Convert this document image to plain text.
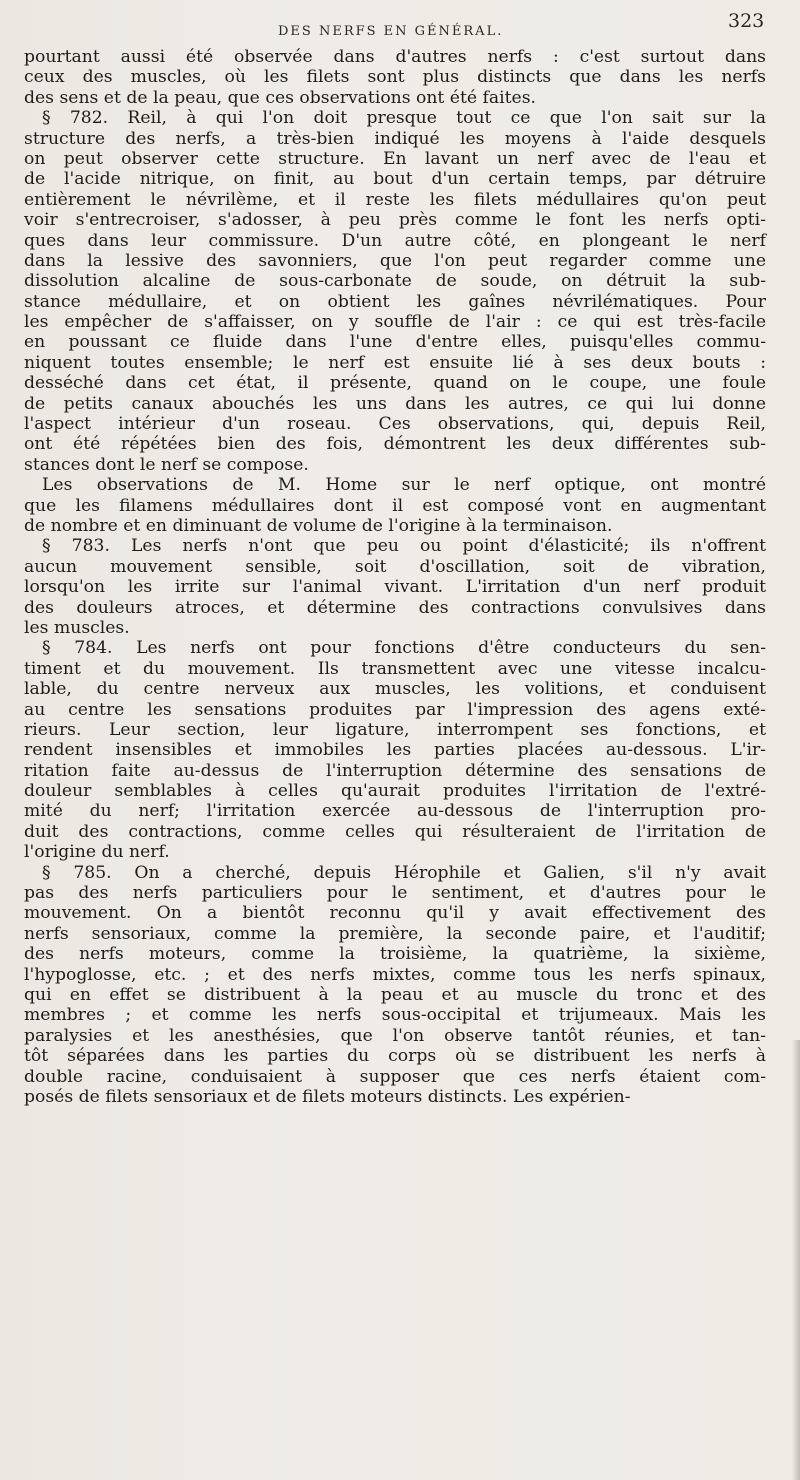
DES NERFS EN GÉNÉRAL.	323
pourtant aussi été observée dans d'autres nerfs : c'est surtout dans
ceux des muscles, où les filets sont plus distincts que dans les nerfs
des sens et de la peau, que ces observations ont été faites.
§ 782. Reil, à qui l'on doit presque tout ce que l'on sait sur la
structure des nerfs, a très-bien indiqué les moyens à l'aide desquels
on peut observer cette structure. En lavant un nerf avec de l'eau et
de l'acide nitrique, on finit, au bout d'un certain temps, par détruire
entièrement le névrilème, et il reste les filets médullaires qu'on peut
voir s'entrecroiser, s'adosser, à peu près comme le font les nerfs opti-
ques dans leur commissure. D'un autre côté, en plongeant le nerf
dans la lessive des savonniers, que l'on peut regarder comme une
dissolution alcaline de sous-carbonate de soude, on détruit la sub-
stance médullaire, et on obtient les gaînes névrilématiques. Pour
les empêcher de s'affaisser, on y souffle de l'air : ce qui est très-facile
en poussant ce fluide dans l'une d'entre elles, puisqu'elles commu-
niquent toutes ensemble; le nerf est ensuite lié à ses deux bouts :
desséché dans cet état, il présente, quand on le coupe, une foule
de petits canaux abouchés les uns dans les autres, ce qui lui donne
l'aspect intérieur d'un roseau. Ces observations, qui, depuis Reil,
ont été répétées bien des fois, démontrent les deux différentes sub-
stances dont le nerf se compose.
Les observations de M. Home sur le nerf optique, ont montré
que les filamens médullaires dont il est composé vont en augmentant
de nombre et en diminuant de volume de l'origine à la terminaison.
§ 783. Les nerfs n'ont que peu ou point d'élasticité; ils n'offrent
aucun mouvement sensible, soit d'oscillation, soit de vibration,
lorsqu'on les irrite sur l'animal vivant. L'irritation d'un nerf produit
des douleurs atroces, et détermine des contractions convulsives dans
les muscles.
§ 784. Les nerfs ont pour fonctions d'être conducteurs du sen-
timent et du mouvement. Ils transmettent avec une vitesse incalcu-
lable, du centre nerveux aux muscles, les volitions, et conduisent
au centre les sensations produites par l'impression des agens exté-
rieurs. Leur section, leur ligature, interrompent ses fonctions, et
rendent insensibles et immobiles les parties placées au-dessous. L'ir-
ritation faite au-dessus de l'interruption détermine des sensations de
douleur semblables à celles qu'aurait produites l'irritation de l'extré-
mité du nerf; l'irritation exercée au-dessous de l'interruption pro-
duit des contractions, comme celles qui résulteraient de l'irritation de
l'origine du nerf.
§ 785. On a cherché, depuis Hérophile et Galien, s'il n'y avait
pas des nerfs particuliers pour le sentiment, et d'autres pour le
mouvement. On a bientôt reconnu qu'il y avait effectivement des
nerfs sensoriaux, comme la première, la seconde paire, et l'auditif;
des nerfs moteurs, comme la troisième, la quatrième, la sixième,
l'hypoglosse, etc. ; et des nerfs mixtes, comme tous les nerfs spinaux,
qui en effet se distribuent à la peau et au muscle du tronc et des
membres ; et comme les nerfs sous-occipital et trijumeaux. Mais les
paralysies et les anesthésies, que l'on observe tantôt réunies, et tan-
tôt séparées dans les parties du corps où se distribuent les nerfs à
double racine, conduisaient à supposer que ces nerfs étaient com-
posés de filets sensoriaux et de filets moteurs distincts. Les expérien-
